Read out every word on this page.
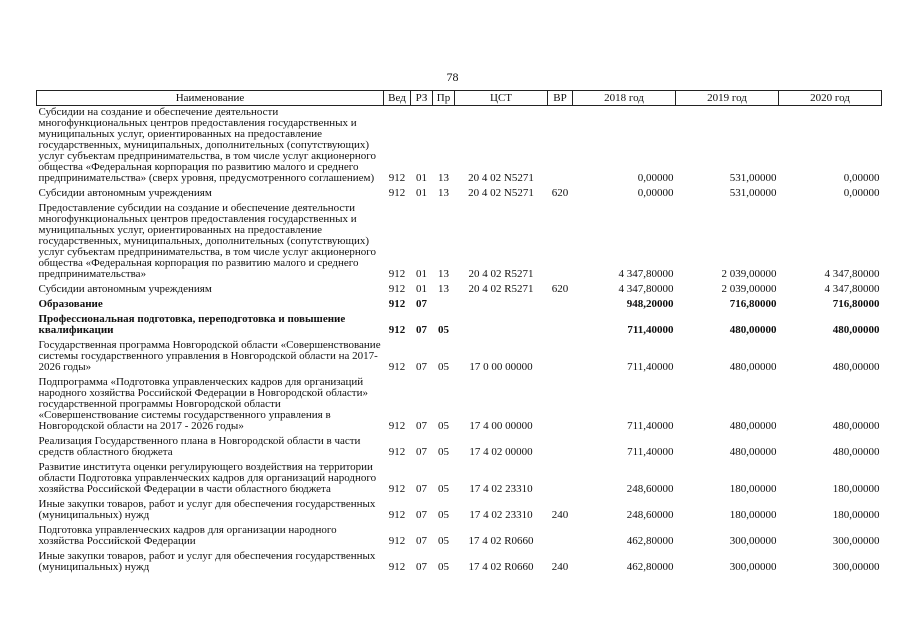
78
Наименование	Вед	РЗ	Пр	ЦСТ	ВР	2018 год	2019 год	2020 год
Субсидии на создание и обеспечение деятельности многофункциональных центров предоставления государственных и муниципальных услуг, ориентированных на предоставление государственных, муниципальных, дополнительных (сопутствующих) услуг субъектам предпринимательства, в том числе услуг акционерного общества «Федеральная корпорация по развитию малого и среднего предпринимательства» (сверх уровня, предусмотренного соглашением)	912	01	13	20 4 02 N5271		0,00000	531,00000	0,00000
Субсидии автономным учреждениям	912	01	13	20 4 02 N5271	620	0,00000	531,00000	0,00000
Предоставление субсидии на создание и обеспечение деятельности многофункциональных центров предоставления государственных и муниципальных услуг, ориентированных на предоставление государственных, муниципальных, дополнительных (сопутствующих) услуг субъектам предпринимательства, в том числе услуг акционерного общества «Федеральная корпорация по развитию малого и среднего предпринимательства»	912	01	13	20 4 02 R5271		4 347,80000	2 039,00000	4 347,80000
Субсидии автономным учреждениям	912	01	13	20 4 02 R5271	620	4 347,80000	2 039,00000	4 347,80000
Образование	912	07				948,20000	716,80000	716,80000
Профессиональная подготовка, переподготовка и повышение квалификации	912	07	05			711,40000	480,00000	480,00000
Государственная программа Новгородской области «Совершенствование системы государственного управления в Новгородской области на 2017-2026 годы»	912	07	05	17 0 00 00000		711,40000	480,00000	480,00000
Подпрограмма «Подготовка управленческих кадров для организаций народного хозяйства Российской Федерации в Новгородской области» государственной программы Новгородской области «Совершенствование системы государственного управления в Новгородской области на 2017 - 2026 годы»	912	07	05	17 4 00 00000		711,40000	480,00000	480,00000
Реализация Государственного плана в Новгородской области в части средств областного бюджета	912	07	05	17 4 02 00000		711,40000	480,00000	480,00000
Развитие института оценки регулирующего воздействия на территории области Подготовка управленческих кадров для организаций народного хозяйства Российской Федерации в части областного бюджета	912	07	05	17 4 02 23310		248,60000	180,00000	180,00000
Иные закупки товаров, работ и услуг для обеспечения государственных (муниципальных) нужд	912	07	05	17 4 02 23310	240	248,60000	180,00000	180,00000
Подготовка управленческих кадров для организации народного хозяйства Российской Федерации	912	07	05	17 4 02 R0660		462,80000	300,00000	300,00000
Иные закупки товаров, работ и услуг для обеспечения государственных (муниципальных) нужд	912	07	05	17 4 02 R0660	240	462,80000	300,00000	300,00000
